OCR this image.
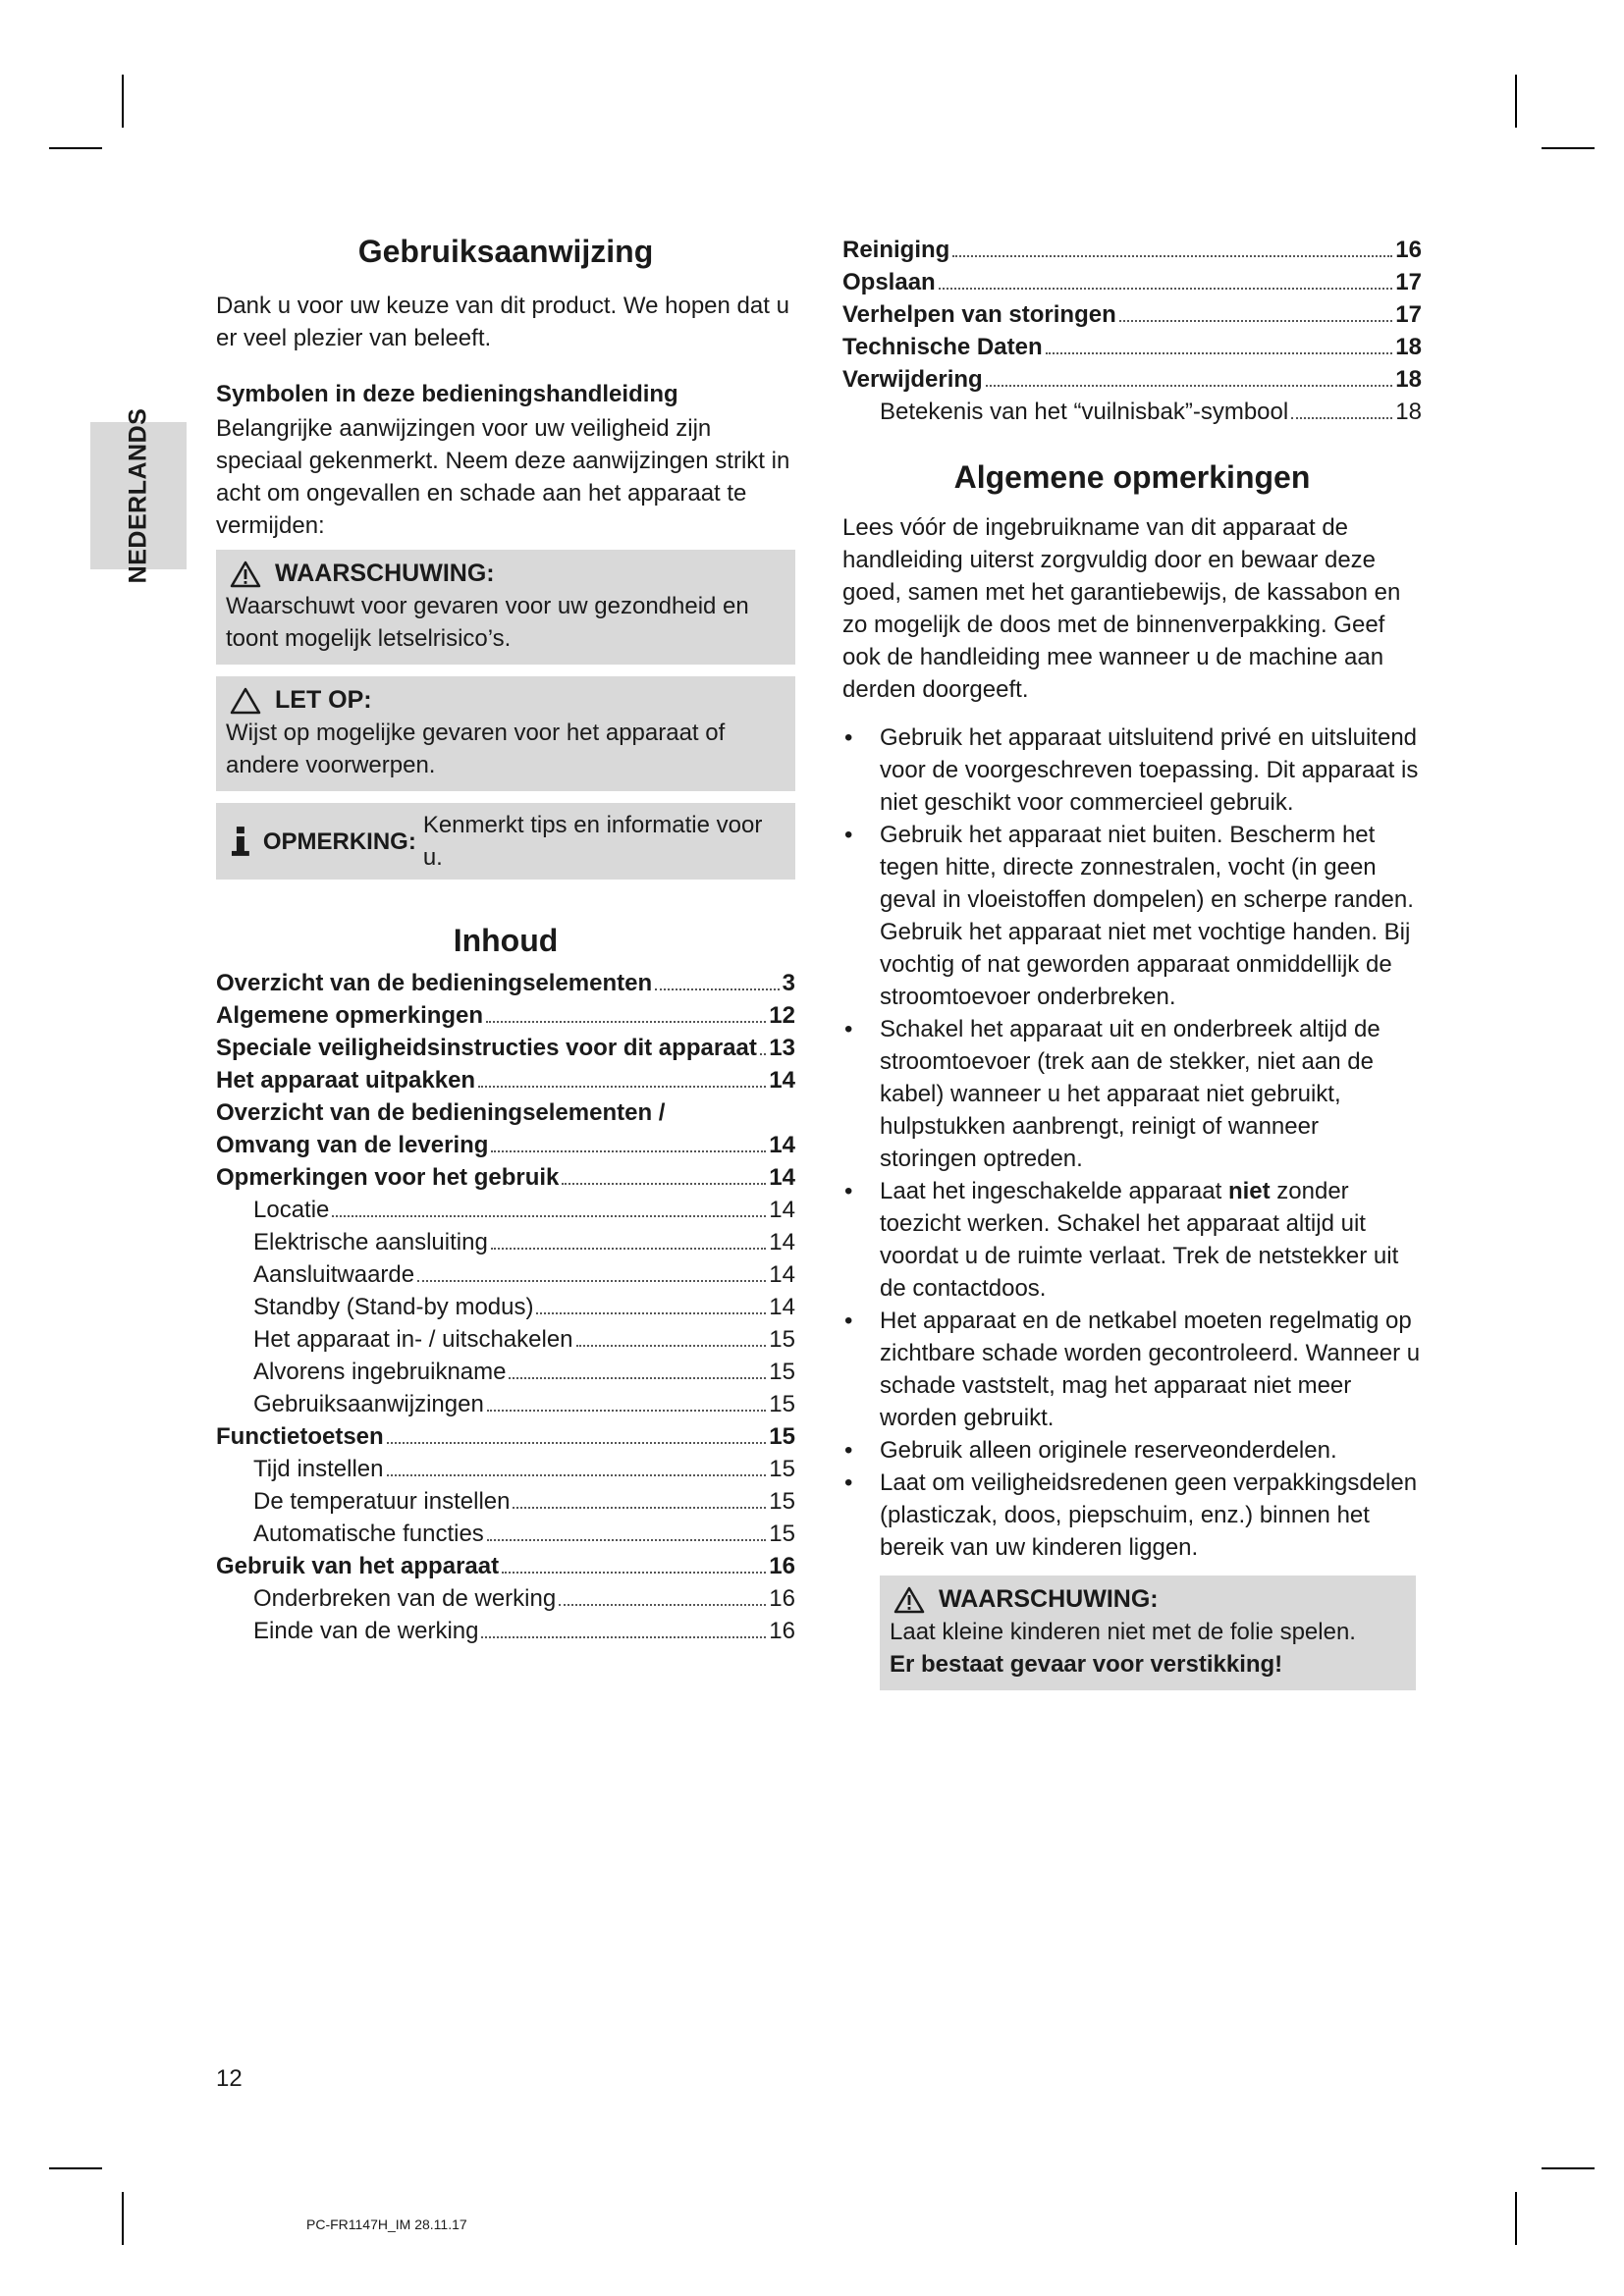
NEDERLANDS
Gebruiksaanwijzing

Dank u voor uw keuze van dit product. We hopen dat u er veel plezier van beleeft.

Symbolen in deze bedieningshandleiding

Belangrijke aanwijzingen voor uw veiligheid zijn speciaal gekenmerkt. Neem deze aanwijzingen strikt in acht om ongevallen en schade aan het apparaat te vermijden:

WAARSCHUWING:

Waarschuwt voor gevaren voor uw gezondheid en toont mogelijk letselrisico’s.

LET OP:

Wijst op mogelijke gevaren voor het apparaat of andere voorwerpen.

OPMERKING:
Kenmerkt tips en informatie voor u.
Inhoud
Overzicht van de bedieningselementen	3
Algemene opmerkingen	12
Speciale veiligheidsinstructies voor dit apparaat 13
Het apparaat uitpakken	14
Overzicht van de bedieningselementen /
Omvang van de levering	14
Opmerkingen voor het gebruik	14
Locatie	14
Elektrische aansluiting	14
Aansluitwaarde	14
Standby (Stand-by modus)	14
Het apparaat in- / uitschakelen	15
Alvorens ingebruikname	15
Gebruiksaanwijzingen	15
Functietoetsen	15
Tijd instellen	15
De temperatuur instellen	15
Automatische functies	15
Gebruik van het apparaat	16
Onderbreken van de werking	16
Einde van de werking	16
Reiniging	16
Opslaan	17
Verhelpen van storingen	17
Technische Daten	18
Verwijdering	18
Betekenis van het “vuilnisbak”-symbool	18
Algemene opmerkingen

Lees vóór de ingebruikname van dit apparaat de handleiding uiterst zorgvuldig door en bewaar deze goed, samen met het garantiebewijs, de kassabon en zo mogelijk de doos met de binnenverpakking. Geef ook de handleiding mee wanneer u de machine aan derden doorgeeft.

• Gebruik het apparaat uitsluitend privé en uitsluitend voor de voorgeschreven toepassing. Dit apparaat is niet geschikt voor commercieel gebruik.
• Gebruik het apparaat niet buiten. Bescherm het tegen hitte, directe zonnestralen, vocht (in geen geval in vloeistoffen dompelen) en scherpe randen. Gebruik het apparaat niet met vochtige handen. Bij vochtig of nat geworden apparaat onmiddellijk de stroomtoevoer onderbreken.
• Schakel het apparaat uit en onderbreek altijd de stroomtoevoer (trek aan de stekker, niet aan de kabel) wanneer u het apparaat niet gebruikt, hulpstukken aanbrengt, reinigt of wanneer storingen optreden.
• Laat het ingeschakelde apparaat niet zonder toezicht werken. Schakel het apparaat altijd uit voordat u de ruimte verlaat. Trek de netstekker uit de contactdoos.
• Het apparaat en de netkabel moeten regelmatig op zichtbare schade worden gecontroleerd. Wanneer u schade vaststelt, mag het apparaat niet meer worden gebruikt.
• Gebruik alleen originele reserveonderdelen.
• Laat om veiligheidsredenen geen verpakkingsdelen (plasticzak, doos, piepschuim, enz.) binnen het bereik van uw kinderen liggen.
WAARSCHUWING:

Laat kleine kinderen niet met de folie spelen.

Er bestaat gevaar voor verstikking!

12
PC-FR1147H_IM 28.11.17
